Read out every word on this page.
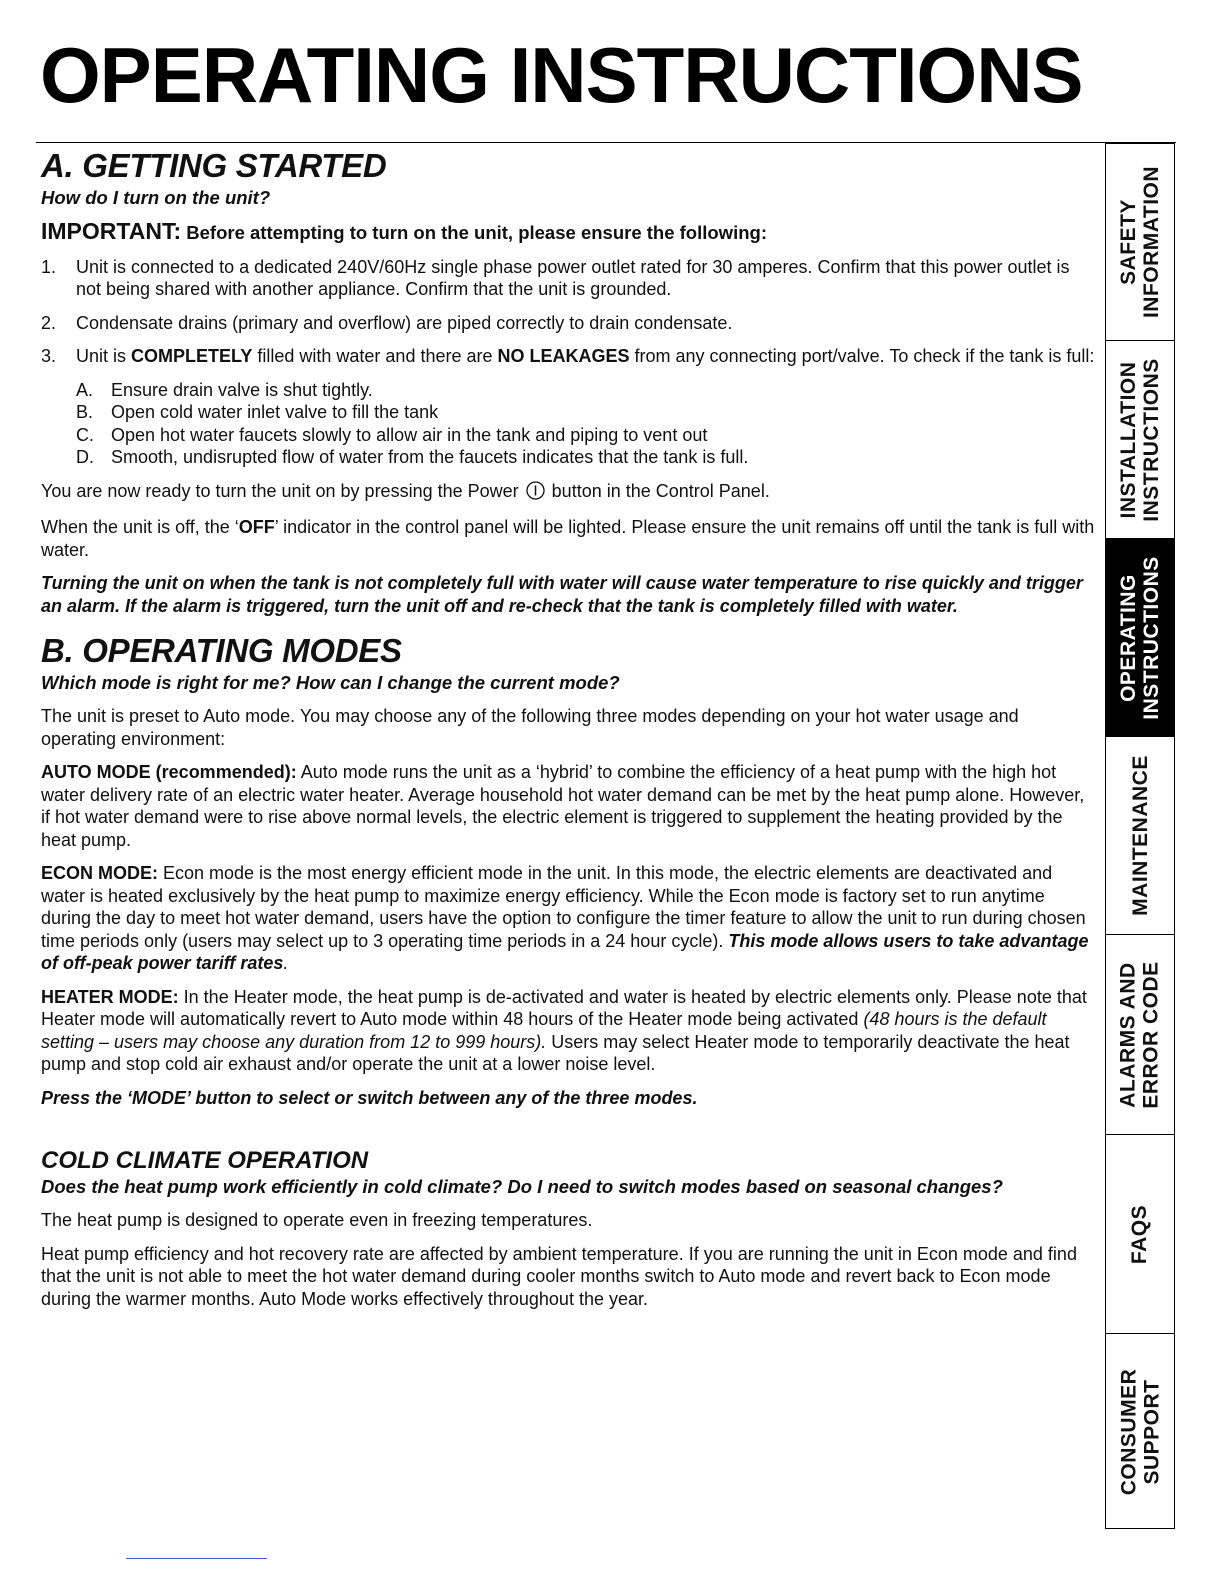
OPERATING INSTRUCTIONS
A. GETTING STARTED

How do I turn on the unit?

IMPORTANT: Before attempting to turn on the unit, please ensure the following:

1. Unit is connected to a dedicated 240V/60Hz single phase power outlet rated for 30 amperes. Confirm that this power outlet is not being shared with another appliance. Confirm that the unit is grounded.
2. Condensate drains (primary and overflow) are piped correctly to drain condensate.
3. Unit is COMPLETELY filled with water and there are NO LEAKAGES from any connecting port/valve. To check if the tank is full:
A. Ensure drain valve is shut tightly.
B. Open cold water inlet valve to fill the tank
C. Open hot water faucets slowly to allow air in the tank and piping to vent out
D. Smooth, undisrupted flow of water from the faucets indicates that the tank is full.

You are now ready to turn the unit on by pressing the Power button in the Control Panel.

When the unit is off, the ‘OFF’ indicator in the control panel will be lighted. Please ensure the unit remains off until the tank is full with water.

Turning the unit on when the tank is not completely full with water will cause water temperature to rise quickly and trigger an alarm. If the alarm is triggered, turn the unit off and re-check that the tank is completely filled with water.

B. OPERATING MODES

Which mode is right for me? How can I change the current mode?

The unit is preset to Auto mode. You may choose any of the following three modes depending on your hot water usage and operating environment:

AUTO MODE (recommended): Auto mode runs the unit as a ‘hybrid’ to combine the efficiency of a heat pump with the high hot water delivery rate of an electric water heater. Average household hot water demand can be met by the heat pump alone. However, if hot water demand were to rise above normal levels, the electric element is triggered to supplement the heating provided by the heat pump.

ECON MODE: Econ mode is the most energy efficient mode in the unit. In this mode, the electric elements are deactivated and water is heated exclusively by the heat pump to maximize energy efficiency. While the Econ mode is factory set to run anytime during the day to meet hot water demand, users have the option to configure the timer feature to allow the unit to run during chosen time periods only (users may select up to 3 operating time periods in a 24 hour cycle). This mode allows users to take advantage of off-peak power tariff rates.

HEATER MODE: In the Heater mode, the heat pump is de-activated and water is heated by electric elements only. Please note that Heater mode will automatically revert to Auto mode within 48 hours of the Heater mode being activated (48 hours is the default setting – users may choose any duration from 12 to 999 hours). Users may select Heater mode to temporarily deactivate the heat pump and stop cold air exhaust and/or operate the unit at a lower noise level.

Press the ‘MODE’ button to select or switch between any of the three modes.

COLD CLIMATE OPERATION

Does the heat pump work efficiently in cold climate? Do I need to switch modes based on seasonal changes?

The heat pump is designed to operate even in freezing temperatures.

Heat pump efficiency and hot recovery rate are affected by ambient temperature. If you are running the unit in Econ mode and find that the unit is not able to meet the hot water demand during cooler months switch to Auto mode and revert back to Econ mode during the warmer months. Auto Mode works effectively throughout the year.

SAFETY INFORMATION
INSTALLATION INSTRUCTIONS
OPERATING INSTRUCTIONS
MAINTENANCE
ALARMS AND ERROR CODE
FAQS
CONSUMER SUPPORT
